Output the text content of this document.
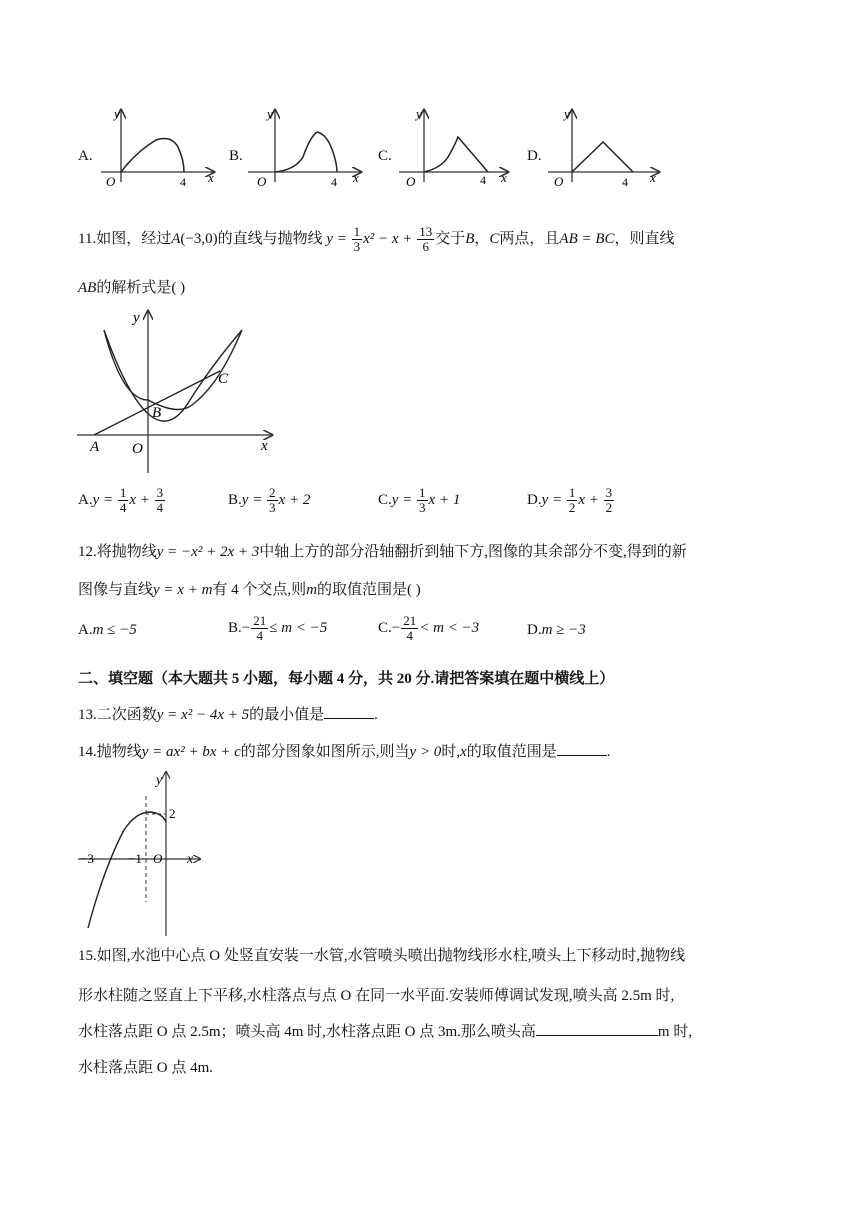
A.
y
x
O	4
B.
y
x
O	4
C.
y
x
O	4
D.
y
x
O	4
11.如图，经过A(−3,0)的直线与抛物线 $y = \frac{1}{3} x^2 - x + \frac{13}{6}$ 交于B，C两点，且AB = BC，则直线
AB的解析式是( )
A O
B
C
x
y
$A.y = \frac{1}{4}$ $x + \frac{3}{4}$	$B.y = \frac{2}{3}$ x + 2	$C.y = \frac{1}{3}$ x + 1	$D.y = \frac{1}{2}$ $x + \frac{3}{2}$
12.将抛物线y = −x² + 2x + 3中轴上方的部分沿轴翻折到轴下方,图像的其余部分不变,得到的新
图像与直线y = x + m有 4 个交点,则m的取值范围是( )
A.m ≤ −5	$B.- \frac{21}{4} \le m < -5$	$C.- \frac{21}{4} < m < -3$	D.m ≥ −3
二、填空题（本大题共 5 小题，每小题 4 分，共 20 分.请把答案填在题中横线上）
13.二次函数y = x² − 4x + 5的最小值是	.
14.抛物线y = ax² + bx + c的部分图象如图所示,则当y > 0时,x的取值范围是	.
y
x
2
−3	−1 O
15.如图,水池中心点 O 处竖直安装一水管,水管喷头喷出抛物线形水柱,喷头上下移动时,抛物线
形水柱随之竖直上下平移,水柱落点与点 O 在同一水平面.安装师傅调试发现,喷头高 2.5m 时,
水柱落点距 O 点 2.5m；喷头高 4m 时,水柱落点距 O 点 3m.那么喷头高	m 时,
水柱落点距 O 点 4m.
